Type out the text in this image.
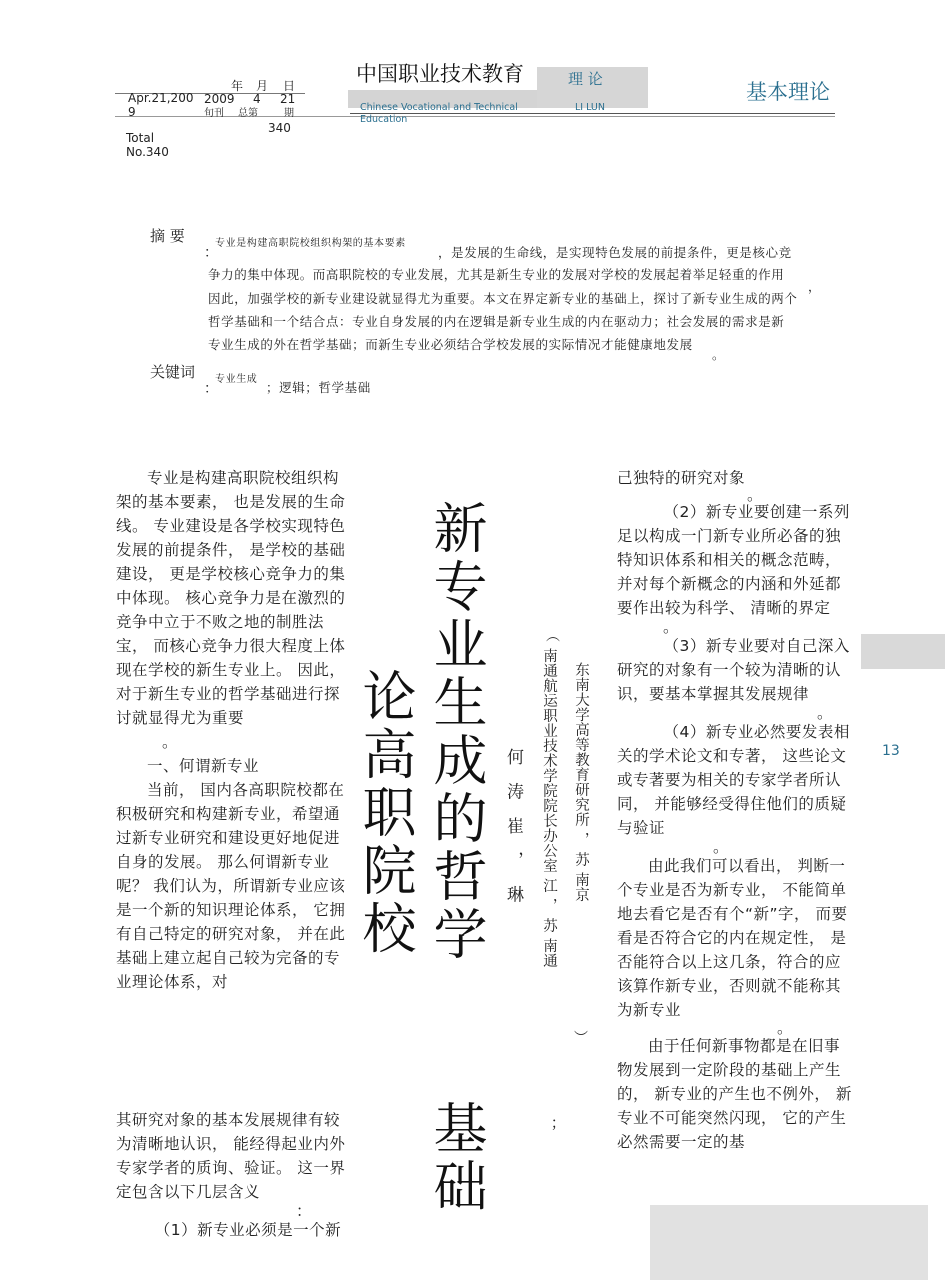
年 月 日
Apr.21,2009
2009 4 21
旬刊 总第	期
340
Total No.340
中国职业技术教育	理 论
Chinese Vocational and Technical Education
LI LUN
基本理论
摘 要
：
专业是构建高职院校组织构架的基本要素
，是发展的生命线，是实现特色发展的前提条件，更是核心竞
争力的集中体现。而高职院校的专业发展，尤其是新生专业的发展对学校的发展起着举足轻重的作用
，
因此，加强学校的新专业建设就显得尤为重要。本文在界定新专业的基础上，探讨了新专业生成的两个
哲学基础和一个结合点：专业自身发展的内在逻辑是新专业生成的内在驱动力；社会发展的需求是新
专业生成的外在哲学基础；而新生专业必须结合学校发展的实际情况才能健康地发展
。
关键词
：
专业生成
；逻辑；哲学基础

专业是构建高职院校组织构架的基本要素， 也是发展的生命线。 专业建设是各学校实现特色发展的前提条件， 是学校的基础建设， 更是学校核心竞争力的集中体现。 核心竞争力是在激烈的竞争中立于不败之地的制胜法宝， 而核心竞争力很大程度上体现在学校的新生专业上。 因此，对于新生专业的哲学基础进行探讨就显得尤为重要

。

一、何谓新专业

当前， 国内各高职院校都在积极研究和构建新专业，希望通过新专业研究和建设更好地促进自身的发展。 那么何谓新专业呢？ 我们认为，所谓新专业应该是一个新的知识理论体系， 它拥有自己特定的研究对象， 并在此基础上建立起自己较为完备的专业理论体系，对

其研究对象的基本发展规律有较为清晰地认识， 能经得起业内外专家学者的质询、验证。 这一界定包含以下几层含义

：

（1）新专业必须是一个新

新专业生成的哲学
基础
论高职院校	何 涛 崔 ， 琳
；
（
南通航运职业技术学院院长办公室 江 ， 苏 南通 东南大学高等教育研究所 ， 苏 南京
）

己独特的研究对象

。

（2）新专业要创建一系列足以构成一门新专业所必备的独特知识体系和相关的概念范畴， 并对每个新概念的内涵和外延都要作出较为科学、 清晰的界定

。

（3）新专业要对自己深入研究的对象有一个较为清晰的认识，要基本掌握其发展规律

。

（4）新专业必然要发表相关的学术论文和专著， 这些论文或专著要为相关的专家学者所认同， 并能够经受得住他们的质疑与验证

。

由此我们可以看出， 判断一个专业是否为新专业， 不能简单地去看它是否有个“新”字， 而要看是否符合它的内在规定性， 是否能符合以上这几条，符合的应该算作新专业，否则就不能称其为新专业

。

由于任何新事物都是在旧事物发展到一定阶段的基础上产生的， 新专业的产生也不例外， 新专业不可能突然闪现， 它的产生必然需要一定的基

13
